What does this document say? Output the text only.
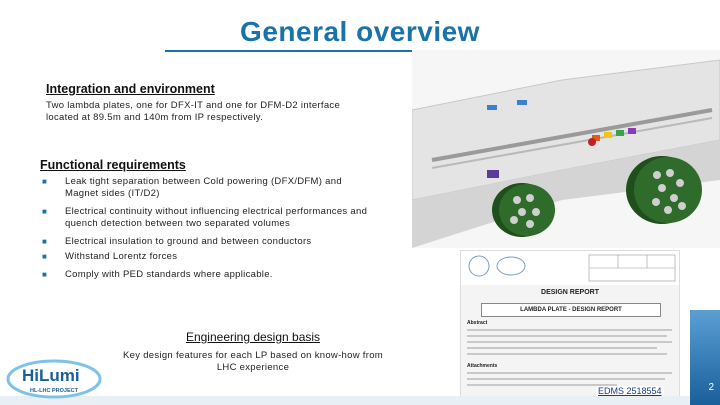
General overview
Integration and environment
Two lambda plates, one for DFX-IT and one for DFM-D2 interface located at 89.5m and 140m from IP respectively.
Functional requirements
■ Leak tight separation between Cold powering (DFX/DFM) and Magnet sides (IT/D2)
■ Electrical continuity without influencing electrical performances and quench detection between two separated volumes
■ Electrical insulation to ground and between conductors
■ Withstand Lorentz forces
■ Comply with PED standards where applicable.
DESIGN REPORT
LAMBDA PLATE - DESIGN REPORT
Abstract
Attachments
Engineering design basis
Key design features for each LP based on know-how from LHC experience
HiLumi
HL-LHC PROJECT	EDMS 2518554	2
